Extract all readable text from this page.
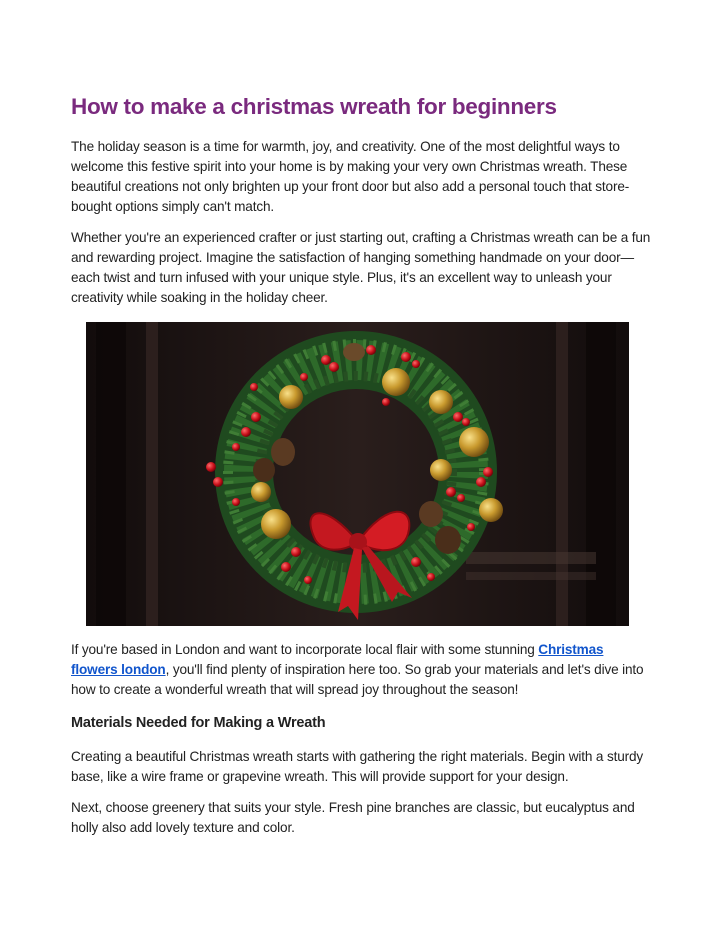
How to make a christmas wreath for beginners

The holiday season is a time for warmth, joy, and creativity. One of the most delightful ways to welcome this festive spirit into your home is by making your very own Christmas wreath. These beautiful creations not only brighten up your front door but also add a personal touch that store-bought options simply can't match.

Whether you're an experienced crafter or just starting out, crafting a Christmas wreath can be a fun and rewarding project. Imagine the satisfaction of hanging something handmade on your door—each twist and turn infused with your unique style. Plus, it's an excellent way to unleash your creativity while soaking in the holiday cheer.

If you're based in London and want to incorporate local flair with some stunning Christmas flowers london, you'll find plenty of inspiration here too. So grab your materials and let's dive into how to create a wonderful wreath that will spread joy throughout the season!

Materials Needed for Making a Wreath

Creating a beautiful Christmas wreath starts with gathering the right materials. Begin with a sturdy base, like a wire frame or grapevine wreath. This will provide support for your design.

Next, choose greenery that suits your style. Fresh pine branches are classic, but eucalyptus and holly also add lovely texture and color.
